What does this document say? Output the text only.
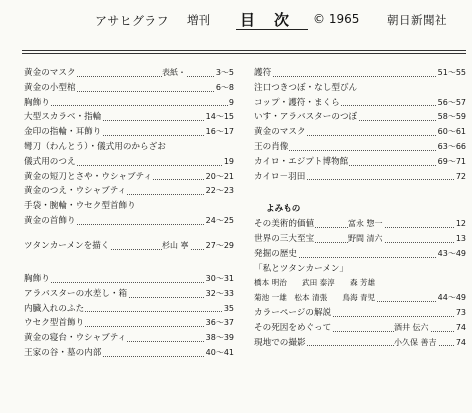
アサヒグラフ 増刊 目次 © 1965 朝日新聞社
黄金のマスク	表紙・	3～5
黄金の小型棺	6～8
胸飾り	9
大型スカラベ・指輪	14～15
金印の指輪・耳飾り	16～17
彎刀（わんとう）・儀式用のからざお
儀式用のつえ	19
黄金の短刀とさや・ウシャブティ	20～21
黄金のつえ・ウシャブティ	22～23
手袋・腕輪・ウセク型首飾り
黄金の首飾り	24～25
ツタンカーメンを描く	杉山 寧 27～29
胸飾り	30～31
アラバスターの水差し・箱	32～33
内臓入れのふた	35
ウセク型首飾り	36～37
黄金の寝台・ウシャブティ	38～39
王家の谷・墓の内部	40～41
護符	51～55
注口つきつぼ・なし型びん
コップ・護符・まくら	56～57
いす・アラバスターのつぼ	58～59
黄金のマスク	60～61
王の肖像	63～66
カイロ・エジプト博物館	69～71
カイロ－羽田	72
よみもの
その美術的価値	富永 惣一	12
世界の三大至宝	野間 清六	13
発掘の歴史	43～49
「私とツタンカーメン」
橋本 明治　　武田 泰淳　　森 芳雄
菊池 一雄　松本 清張　　鳥海 青児	44～49
カラーページの解説	73
その死因をめぐって	酒井 伝六	74
現地での撮影	小久保 善吉 74
